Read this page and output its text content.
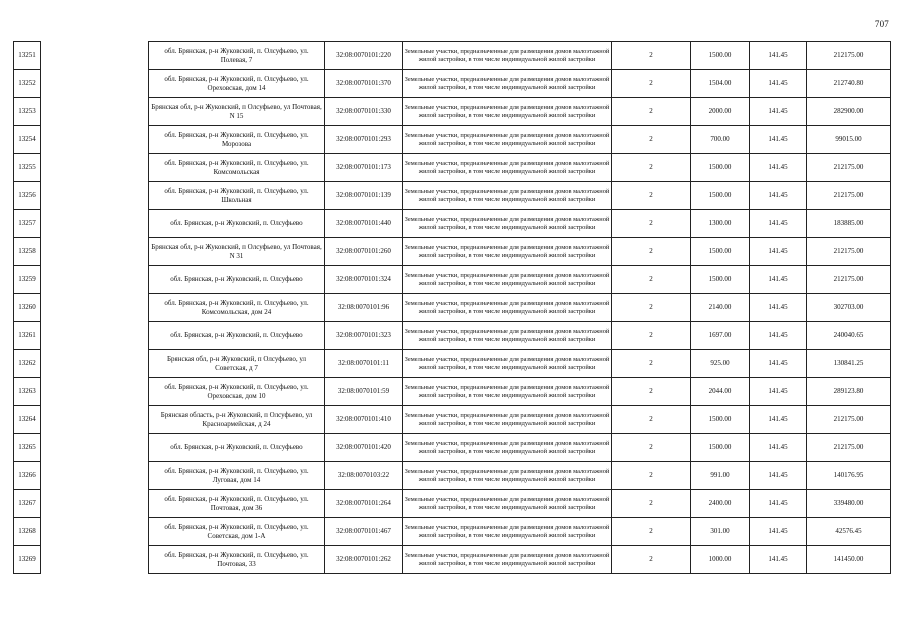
707
13251		обл. Брянская, р-н Жуковский, п. Олсуфьево, ул. Полевая, 7	32:08:0070101:220	Земельные участки, предназначенные для размещения домов малоэтажной жилой застройки, в том числе индивидуальной жилой застройки	2	1500.00	141.45	212175.00
13252		обл. Брянская, р-н Жуковский, п. Олсуфьево, ул. Ореховская, дом 14	32:08:0070101:370	Земельные участки, предназначенные для размещения домов малоэтажной жилой застройки, в том числе индивидуальной жилой застройки	2	1504.00	141.45	212740.80
13253		Брянская обл, р-н Жуковский, п Олсуфьево, ул Почтовая, N 15	32:08:0070101:330	Земельные участки, предназначенные для размещения домов малоэтажной жилой застройки, в том числе индивидуальной жилой застройки	2	2000.00	141.45	282900.00
13254		обл. Брянская, р-н Жуковский, п. Олсуфьево, ул. Морозова	32:08:0070101:293	Земельные участки, предназначенные для размещения домов малоэтажной жилой застройки, в том числе индивидуальной жилой застройки	2	700.00	141.45	99015.00
13255		обл. Брянская, р-н Жуковский, п. Олсуфьево, ул. Комсомольская	32:08:0070101:173	Земельные участки, предназначенные для размещения домов малоэтажной жилой застройки, в том числе индивидуальной жилой застройки	2	1500.00	141.45	212175.00
13256		обл. Брянская, р-н Жуковский, п. Олсуфьево, ул. Школьная	32:08:0070101:139	Земельные участки, предназначенные для размещения домов малоэтажной жилой застройки, в том числе индивидуальной жилой застройки	2	1500.00	141.45	212175.00
13257		обл. Брянская, р-н Жуковский, п. Олсуфьево	32:08:0070101:440	Земельные участки, предназначенные для размещения домов малоэтажной жилой застройки, в том числе индивидуальной жилой застройки	2	1300.00	141.45	183885.00
13258		Брянская обл, р-н Жуковский, п Олсуфьево, ул Почтовая, N 31	32:08:0070101:260	Земельные участки, предназначенные для размещения домов малоэтажной жилой застройки, в том числе индивидуальной жилой застройки	2	1500.00	141.45	212175.00
13259		обл. Брянская, р-н Жуковский, п. Олсуфьево	32:08:0070101:324	Земельные участки, предназначенные для размещения домов малоэтажной жилой застройки, в том числе индивидуальной жилой застройки	2	1500.00	141.45	212175.00
13260		обл. Брянская, р-н Жуковский, п. Олсуфьево, ул. Комсомольская, дом 24	32:08:0070101:96	Земельные участки, предназначенные для размещения домов малоэтажной жилой застройки, в том числе индивидуальной жилой застройки	2	2140.00	141.45	302703.00
13261		обл. Брянская, р-н Жуковский, п. Олсуфьево	32:08:0070101:323	Земельные участки, предназначенные для размещения домов малоэтажной жилой застройки, в том числе индивидуальной жилой застройки	2	1697.00	141.45	240040.65
13262		Брянская обл, р-н Жуковский, п Олсуфьево, ул Советская, д 7	32:08:0070101:11	Земельные участки, предназначенные для размещения домов малоэтажной жилой застройки, в том числе индивидуальной жилой застройки	2	925.00	141.45	130841.25
13263		обл. Брянская, р-н Жуковский, п. Олсуфьево, ул. Ореховская, дом 10	32:08:0070101:59	Земельные участки, предназначенные для размещения домов малоэтажной жилой застройки, в том числе индивидуальной жилой застройки	2	2044.00	141.45	289123.80
13264		Брянская область, р-н Жуковский, п Олсуфьево, ул Красноармейская, д 24	32:08:0070101:410	Земельные участки, предназначенные для размещения домов малоэтажной жилой застройки, в том числе индивидуальной жилой застройки	2	1500.00	141.45	212175.00
13265		обл. Брянская, р-н Жуковский, п. Олсуфьево	32:08:0070101:420	Земельные участки, предназначенные для размещения домов малоэтажной жилой застройки, в том числе индивидуальной жилой застройки	2	1500.00	141.45	212175.00
13266		обл. Брянская, р-н Жуковский, п. Олсуфьево, ул. Луговая, дом 14	32:08:0070103:22	Земельные участки, предназначенные для размещения домов малоэтажной жилой застройки, в том числе индивидуальной жилой застройки	2	991.00	141.45	140176.95
13267		обл. Брянская, р-н Жуковский, п. Олсуфьево, ул. Почтовая, дом 36	32:08:0070101:264	Земельные участки, предназначенные для размещения домов малоэтажной жилой застройки, в том числе индивидуальной жилой застройки	2	2400.00	141.45	339480.00
13268		обл. Брянская, р-н Жуковский, п. Олсуфьево, ул. Советская, дом 1-А	32:08:0070101:467	Земельные участки, предназначенные для размещения домов малоэтажной жилой застройки, в том числе индивидуальной жилой застройки	2	301.00	141.45	42576.45
13269		обл. Брянская, р-н Жуковский, п. Олсуфьево, ул. Почтовая, 33	32:08:0070101:262	Земельные участки, предназначенные для размещения домов малоэтажной жилой застройки, в том числе индивидуальной жилой застройки	2	1000.00	141.45	141450.00
